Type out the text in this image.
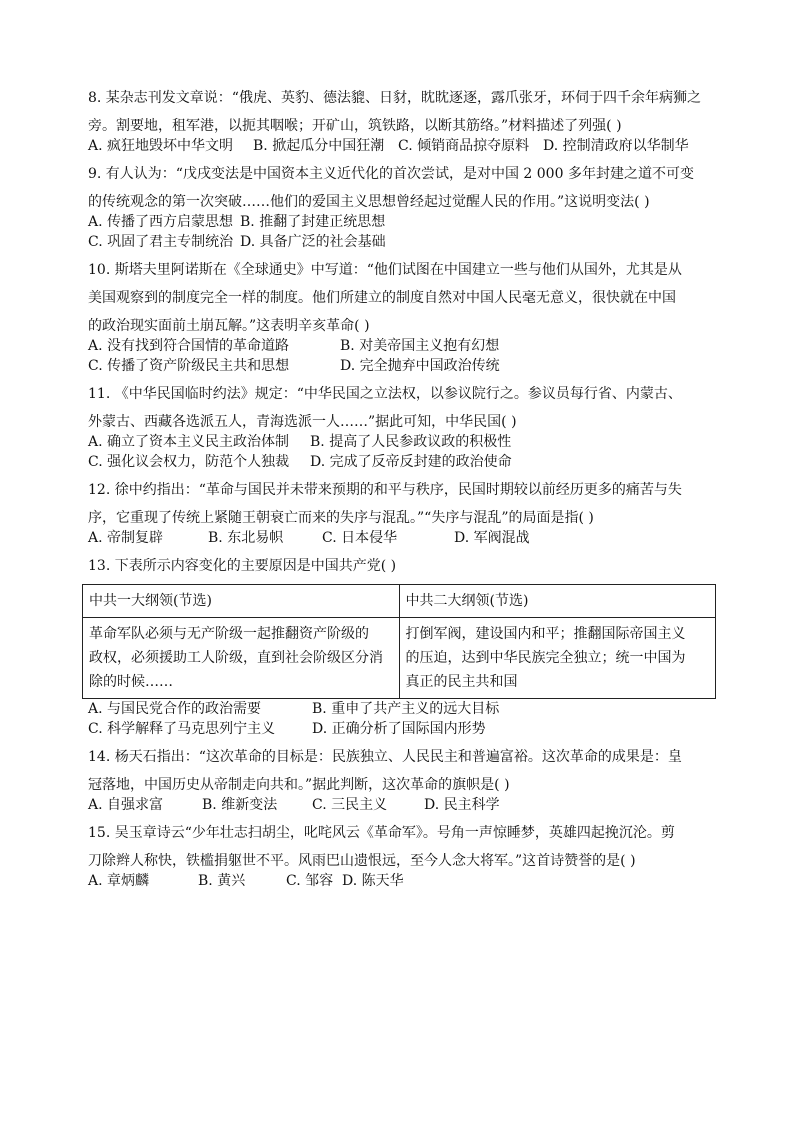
8. 某杂志刊发文章说：“俄虎、英豹、德法貔、日豺，眈眈逐逐，露爪张牙，环伺于四千余年病狮之

旁。割要地，租军港，以扼其咽喉；开矿山，筑铁路，以断其筋络。”材料描述了列强( )

A. 疯狂地毁坏中华文明 B. 掀起瓜分中国狂潮 C. 倾销商品掠夺原料 D. 控制清政府以华制华

9. 有人认为：“戊戌变法是中国资本主义近代化的首次尝试，是对中国 2 000 多年封建之道不可变

的传统观念的第一次突破……他们的爱国主义思想曾经起过觉醒人民的作用。”这说明变法( )

A. 传播了西方启蒙思想 B. 推翻了封建正统思想
C. 巩固了君主专制统治 D. 具备广泛的社会基础

10. 斯塔夫里阿诺斯在《全球通史》中写道：“他们试图在中国建立一些与他们从国外，尤其是从

美国观察到的制度完全一样的制度。他们所建立的制度自然对中国人民毫无意义，很快就在中国

的政治现实面前土崩瓦解。”这表明辛亥革命( )

A. 没有找到符合国情的革命道路	B. 对美帝国主义抱有幻想
C. 传播了资产阶级民主共和思想	D. 完全抛弃中国政治传统

11. 《中华民国临时约法》规定：“中华民国之立法权，以参议院行之。参议员每行省、内蒙古、

外蒙古、西藏各选派五人，青海选派一人……”据此可知，中华民国( )

A. 确立了资本主义民主政治体制 B. 提高了人民参政议政的积极性
C. 强化议会权力，防范个人独裁 D. 完成了反帝反封建的政治使命

12. 徐中约指出：“革命与国民并未带来预期的和平与秩序，民国时期较以前经历更多的痛苦与失

序，它重现了传统上紧随王朝衰亡而来的失序与混乱。”“失序与混乱”的局面是指( )

A. 帝制复辟	B. 东北易帜	C. 日本侵华	D. 军阀混战

13. 下表所示内容变化的主要原因是中国共产党( )

中共一大纲领(节选)	中共二大纲领(节选)

革命军队必须与无产阶级一起推翻资产阶级的
政权，必须援助工人阶级，直到社会阶级区分消
除的时候……	打倒军阀，建设国内和平；推翻国际帝国主义
的压迫，达到中华民族完全独立；统一中国为
真正的民主共和国
A. 与国民党合作的政治需要	B. 重申了共产主义的远大目标
C. 科学解释了马克思列宁主义	D. 正确分析了国际国内形势

14. 杨天石指出：“这次革命的目标是：民族独立、人民民主和普遍富裕。这次革命的成果是：皇

冠落地，中国历史从帝制走向共和。”据此判断，这次革命的旗帜是( )

A. 自强求富	B. 维新变法 C. 三民主义	D. 民主科学

15. 吴玉章诗云“少年壮志扫胡尘，叱咤风云《革命军》。号角一声惊睡梦，英雄四起挽沉沦。剪

刀除辫人称快，铁槛捐躯世不平。风雨巴山遗恨远，至今人念大将军。”这首诗赞誉的是( )

A. 章炳麟	B. 黄兴	C. 邹容 D. 陈天华
